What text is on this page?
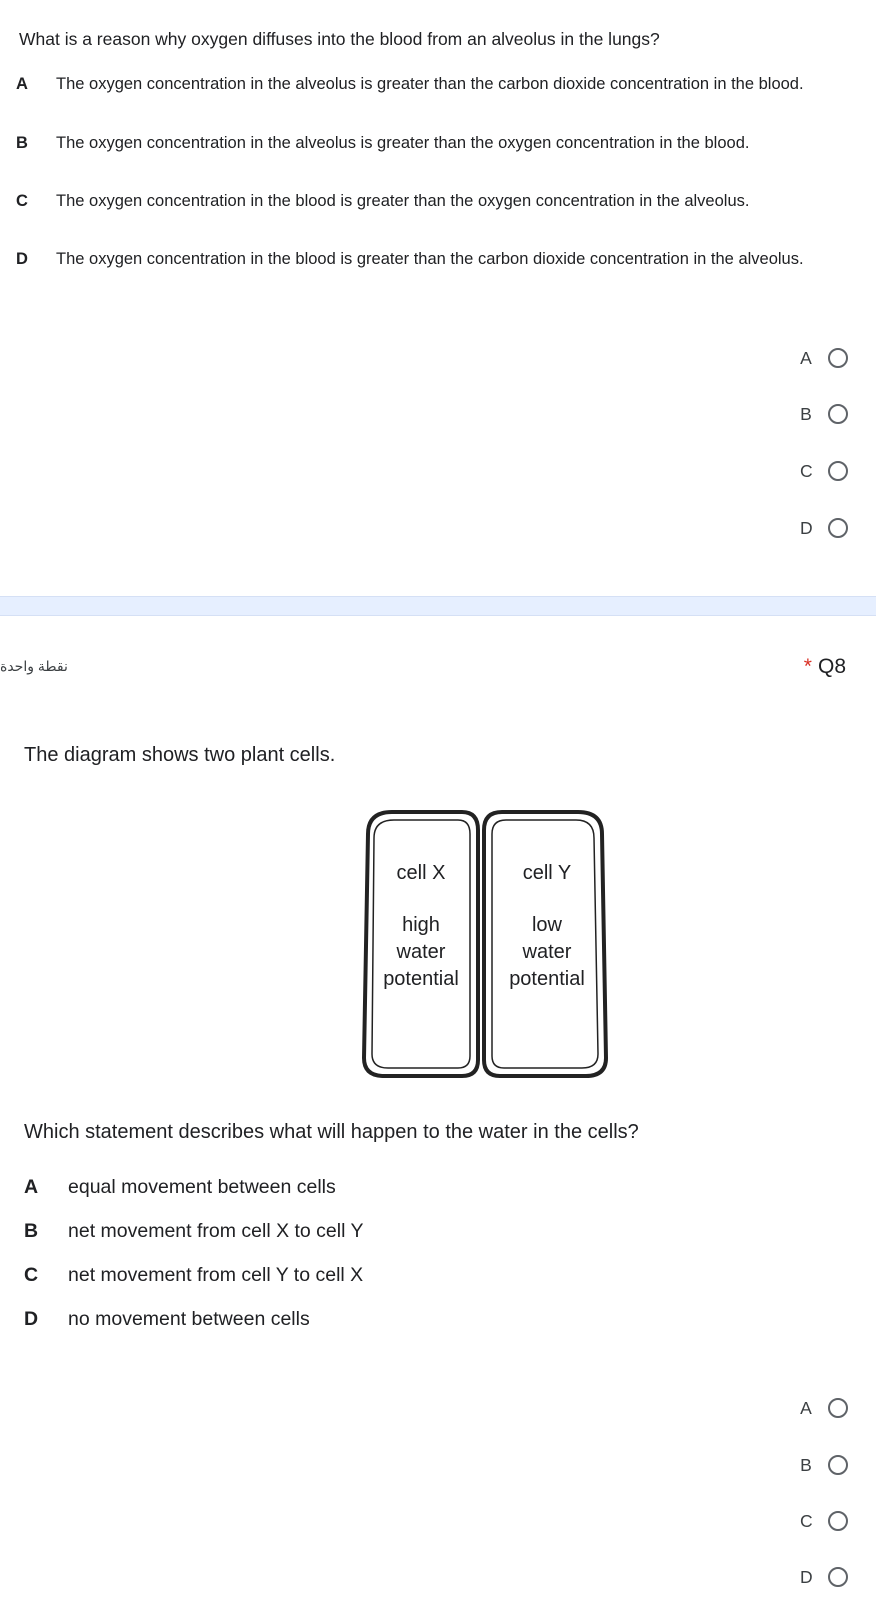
What is a reason why oxygen diffuses into the blood from an alveolus in the lungs?
A The oxygen concentration in the alveolus is greater than the carbon dioxide concentration in the blood.
B The oxygen concentration in the alveolus is greater than the oxygen concentration in the blood.
C The oxygen concentration in the blood is greater than the oxygen concentration in the alveolus.
D The oxygen concentration in the blood is greater than the carbon dioxide concentration in the alveolus.
A
B
C
D
نقطة واحدة	* Q8
The diagram shows two plant cells.
cell X
high
water
potential
cell Y
low
water
potential
Which statement describes what will happen to the water in the cells?
A equal movement between cells
B net movement from cell X to cell Y
C net movement from cell Y to cell X
D no movement between cells
A
B
C
D
